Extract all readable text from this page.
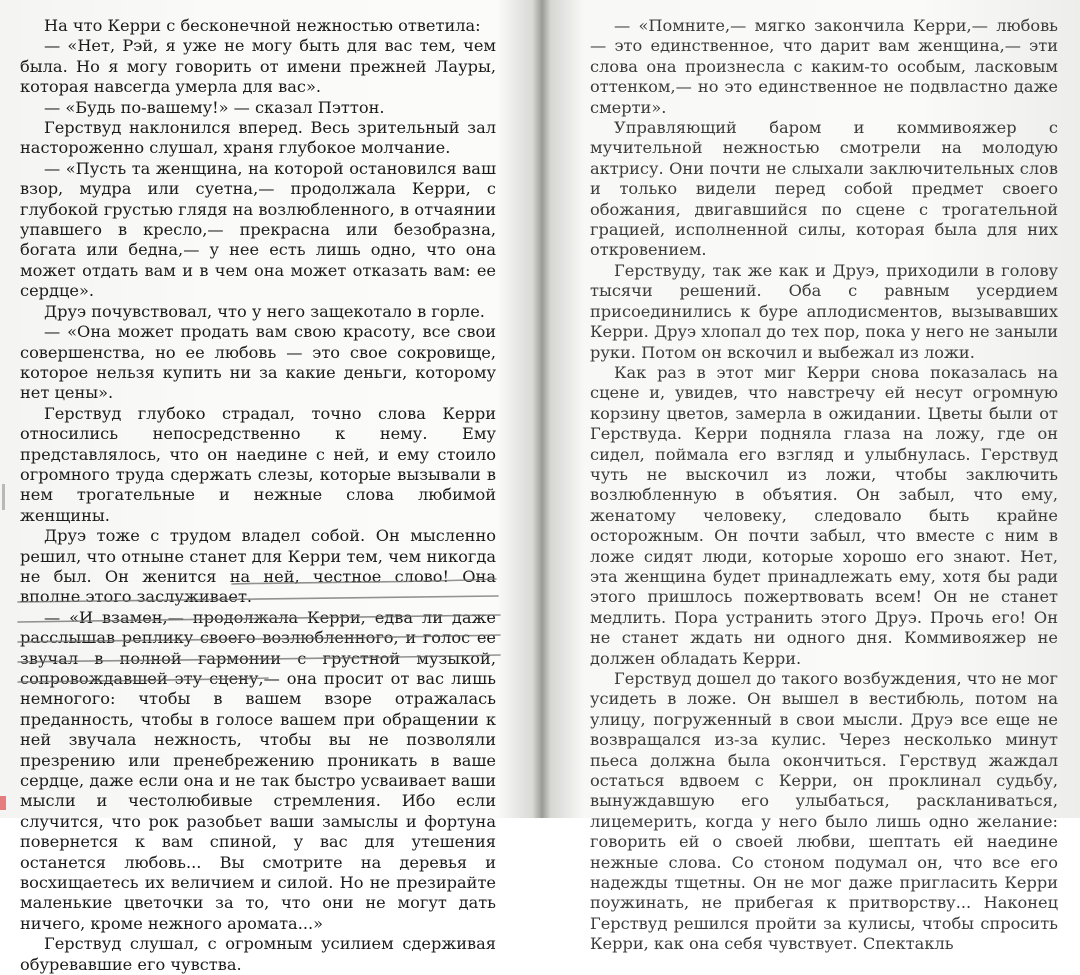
На что Керри с бесконечной нежностью ответила:

— «Нет, Рэй, я уже не могу быть для вас тем, чем была. Но я могу говорить от имени прежней Лауры, которая навсегда умерла для вас».

— «Будь по-вашему!» — сказал Пэттон.

Герствуд наклонился вперед. Весь зрительный зал настороженно слушал, храня глубокое молчание.

— «Пусть та женщина, на которой остановился ваш взор, мудра или суетна,— продолжала Керри, с глубокой грустью глядя на возлюбленного, в отчаянии упавшего в кресло,— прекрасна или безобразна, богата или бедна,— у нее есть лишь одно, что она может отдать вам и в чем она может отказать вам: ее сердце».

Друэ почувствовал, что у него защекотало в горле.

— «Она может продать вам свою красоту, все свои совершенства, но ее любовь — это свое сокровище, которое нельзя купить ни за какие деньги, которому нет цены».

Герствуд глубоко страдал, точно слова Керри относились непосредственно к нему. Ему представлялось, что он наедине с ней, и ему стоило огромного труда сдержать слезы, которые вызывали в нем трогательные и нежные слова любимой женщины.

Друэ тоже с трудом владел собой. Он мысленно решил, что отныне станет для Керри тем, чем никогда не был. Он женится на ней, честное слово! Она вполне этого заслуживает.

— «И взамен,— продолжала Керри, едва ли даже расслышав реплику своего возлюбленного, и голос ее звучал в полной гармонии с грустной музыкой, сопровождавшей эту сцену,— она просит от вас лишь немногого: чтобы в вашем взоре отражалась преданность, чтобы в голосе вашем при обращении к ней звучала нежность, чтобы вы не позволяли презрению или пренебрежению проникать в ваше сердце, даже если она и не так быстро усваивает ваши мысли и честолюбивые стремления. Ибо если случится, что рок разобьет ваши замыслы и фортуна повернется к вам спиной, у вас для утешения останется любовь... Вы смотрите на деревья и восхищаетесь их величием и силой. Но не презирайте маленькие цветочки за то, что они не могут дать ничего, кроме нежного аромата...»

Герствуд слушал, с огромным усилием сдерживая обуревавшие его чувства.

— «Помните,— мягко закончила Керри,— любовь — это единственное, что дарит вам женщина,— эти слова она произнесла с каким-то особым, ласковым оттенком,— но это единственное не подвластно даже смерти».

Управляющий баром и коммивояжер с мучительной нежностью смотрели на молодую актрису. Они почти не слыхали заключительных слов и только видели перед собой предмет своего обожания, двигавшийся по сцене с трогательной грацией, исполненной силы, которая была для них откровением.

Герствуду, так же как и Друэ, приходили в голову тысячи решений. Оба с равным усердием присоединились к буре аплодисментов, вызывавших Керри. Друэ хлопал до тех пор, пока у него не заныли руки. Потом он вскочил и выбежал из ложи.

Как раз в этот миг Керри снова показалась на сцене и, увидев, что навстречу ей несут огромную корзину цветов, замерла в ожидании. Цветы были от Герствуда. Керри подняла глаза на ложу, где он сидел, поймала его взгляд и улыбнулась. Герствуд чуть не выскочил из ложи, чтобы заключить возлюбленную в объятия. Он забыл, что ему, женатому человеку, следовало быть крайне осторожным. Он почти забыл, что вместе с ним в ложе сидят люди, которые хорошо его знают. Нет, эта женщина будет принадлежать ему, хотя бы ради этого пришлось пожертвовать всем! Он не станет медлить. Пора устранить этого Друэ. Прочь его! Он не станет ждать ни одного дня. Коммивояжер не должен обладать Керри.

Герствуд дошел до такого возбуждения, что не мог усидеть в ложе. Он вышел в вестибюль, потом на улицу, погруженный в свои мысли. Друэ все еще не возвращался из-за кулис. Через несколько минут пьеса должна была окончиться. Герствуд жаждал остаться вдвоем с Керри, он проклинал судьбу, вынуждавшую его улыбаться, раскланиваться, лицемерить, когда у него было лишь одно желание: говорить ей о своей любви, шептать ей наедине нежные слова. Со стоном подумал он, что все его надежды тщетны. Он не мог даже пригласить Керри поужинать, не прибегая к притворству... Наконец Герствуд решился пройти за кулисы, чтобы спросить Керри, как она себя чувствует. Спектакль
